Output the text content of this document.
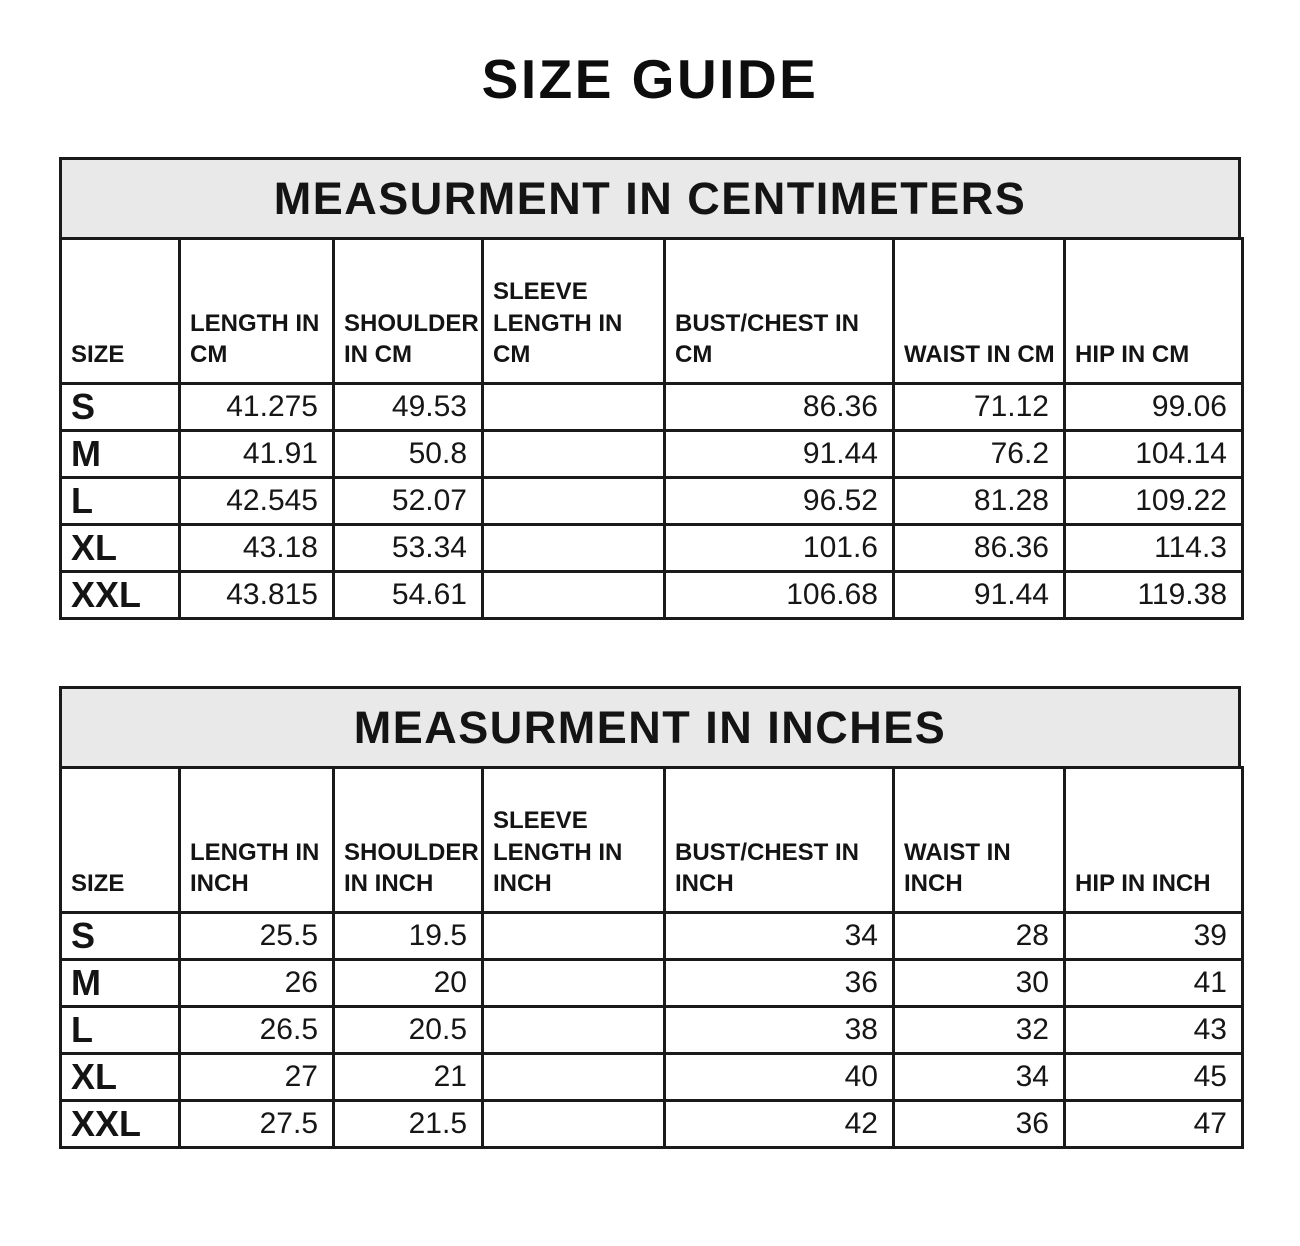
SIZE GUIDE
MEASURMENT IN CENTIMETERS
SIZE	LENGTH IN CM	SHOULDER IN CM	SLEEVE LENGTH IN CM	BUST/CHEST IN CM	WAIST IN CM	HIP IN CM
S	41.275	49.53		86.36	71.12	99.06
M	41.91	50.8		91.44	76.2	104.14
L	42.545	52.07		96.52	81.28	109.22
XL	43.18	53.34		101.6	86.36	114.3
XXL	43.815	54.61		106.68	91.44	119.38
MEASURMENT IN INCHES
SIZE	LENGTH IN INCH	SHOULDER IN INCH	SLEEVE LENGTH IN INCH	BUST/CHEST IN INCH	WAIST IN INCH	HIP IN INCH
S	25.5	19.5		34	28	39
M	26	20		36	30	41
L	26.5	20.5		38	32	43
XL	27	21		40	34	45
XXL	27.5	21.5		42	36	47
